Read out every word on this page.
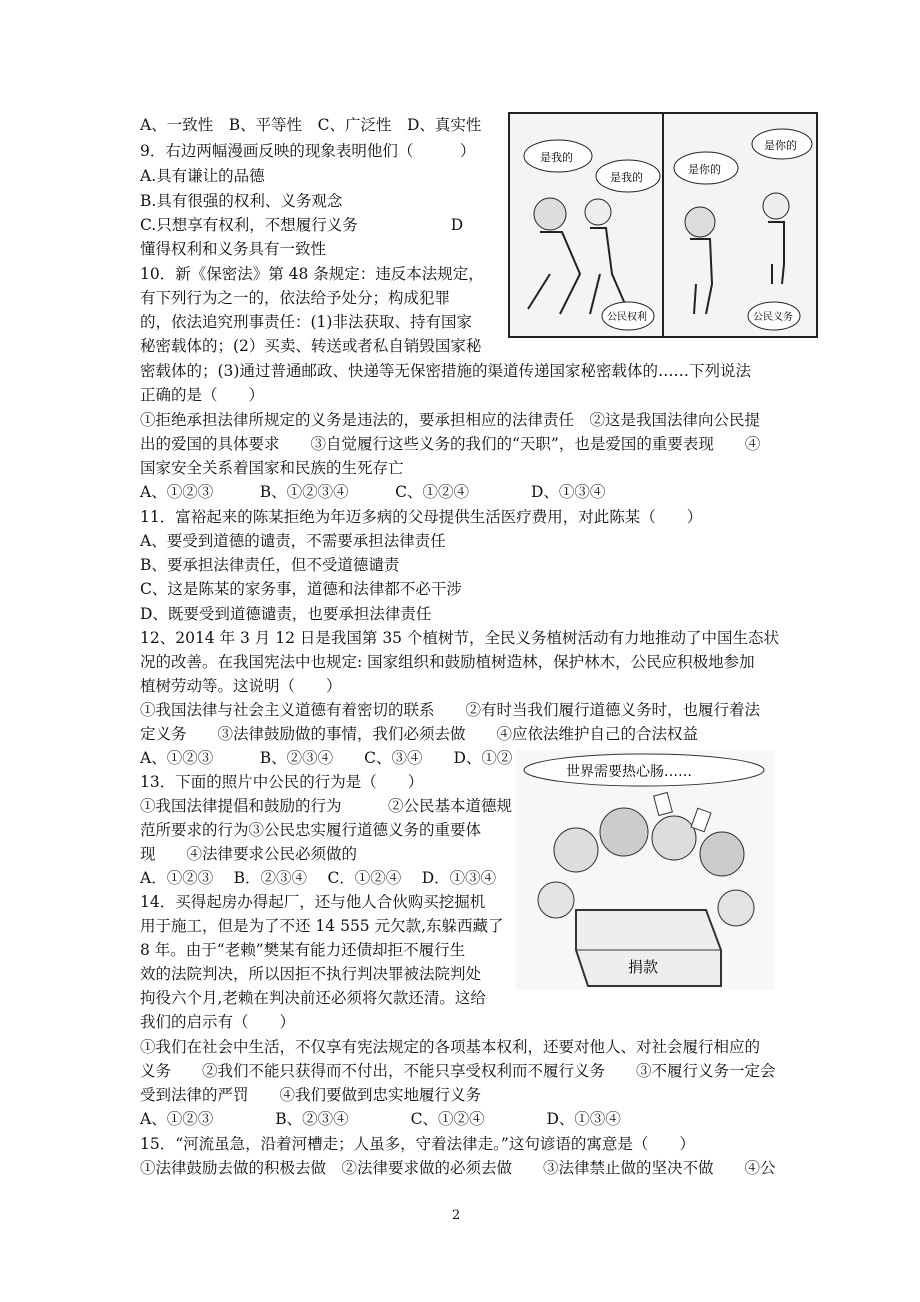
A、一致性　B、平等性　C、广泛性　D、真实性
9．右边两幅漫画反映的现象表明他们（　　　）
A.具有谦让的品德
B.具有很强的权利、义务观念
C.只想享有权利，不想履行义务　　　　　　D
懂得权利和义务具有一致性
10．新《保密法》第 48 条规定：违反本法规定，
有下列行为之一的，依法给予处分；构成犯罪
的，依法追究刑事责任：(1)非法获取、持有国家
秘密载体的；(2）买卖、转送或者私自销毁国家秘
密载体的；(3)通过普通邮政、快递等无保密措施的渠道传递国家秘密载体的……下列说法
正确的是（　　）
①拒绝承担法律所规定的义务是违法的，要承担相应的法律责任　②这是我国法律向公民提
出的爱国的具体要求　　③自觉履行这些义务的我们的“天职”，也是爱国的重要表现　　④
国家安全关系着国家和民族的生死存亡
A、①②③　　　B、①②③④　　　C、①②④　　　　D、①③④
11．富裕起来的陈某拒绝为年迈多病的父母提供生活医疗费用，对此陈某（　　）
A、要受到道德的谴责，不需要承担法律责任
B、要承担法律责任，但不受道德谴责
C、这是陈某的家务事，道德和法律都不必干涉
D、既要受到道德谴责，也要承担法律责任
12、2014 年 3 月 12 日是我国第 35 个植树节，全民义务植树活动有力地推动了中国生态状
况的改善。在我国宪法中也规定: 国家组织和鼓励植树造林，保护林木，公民应积极地参加
植树劳动等。这说明（　　）
①我国法律与社会主义道德有着密切的联系　　②有时当我们履行道德义务时，也履行着法
定义务　　③法律鼓励做的事情，我们必须去做　　④应依法维护自己的合法权益
A、①②③　　　B、②③④　　C、③④　　D、①②
13．下面的照片中公民的行为是（　　）
①我国法律提倡和鼓励的行为　　　②公民基本道德规
范所要求的行为③公民忠实履行道德义务的重要体
现　　④法律要求公民必须做的
A．①②③　 B．②③④　 C．①②④　 D．①③④
14．买得起房办得起厂，还与他人合伙购买挖掘机
用于施工，但是为了不还 14 555 元欠款,东躲西藏了
8 年。由于“老赖”樊某有能力还债却拒不履行生
效的法院判决，所以因拒不执行判决罪被法院判处
拘役六个月,老赖在判决前还必须将欠款还清。这给
我们的启示有（　　）
①我们在社会中生活，不仅享有宪法规定的各项基本权利，还要对他人、对社会履行相应的
义务　　②我们不能只获得而不付出，不能只享受权利而不履行义务　　③不履行义务一定会
受到法律的严罚　　④我们要做到忠实地履行义务
A、①②③　　　　B、②③④　　　　C、①②④　　　　D、①③④
15．“河流虽急，沿着河槽走；人虽多，守着法律走。”这句谚语的寓意是（　　）
①法律鼓励去做的积极去做　②法律要求做的必须去做　　③法律禁止做的坚决不做　　④公
是我的
是我的
公民权利
是你的
是你的
公民义务
世界需要热心肠……
捐款
2
